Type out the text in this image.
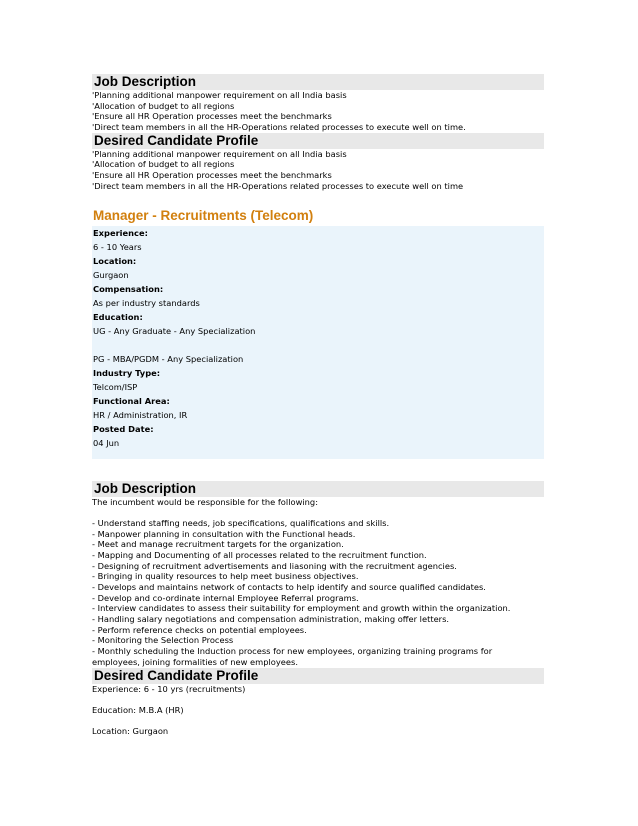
Job Description
'Planning additional manpower requirement on all India basis
'Allocation of budget to all regions
'Ensure all HR Operation processes meet the benchmarks
'Direct team members in all the HR-Operations related processes to execute well on time.
Desired Candidate Profile
'Planning additional manpower requirement on all India basis
'Allocation of budget to all regions
'Ensure all HR Operation processes meet the benchmarks
'Direct team members in all the HR-Operations related processes to execute well on time
Manager - Recruitments (Telecom)
Experience:
6 - 10 Years
Location:
Gurgaon
Compensation:
As per industry standards
Education:
UG - Any Graduate - Any Specialization
PG - MBA/PGDM - Any Specialization
Industry Type:
Telcom/ISP
Functional Area:
HR / Administration, IR
Posted Date:
04 Jun
Job Description
The incumbent would be responsible for the following:
- Understand staffing needs, job specifications, qualifications and skills.
- Manpower planning in consultation with the Functional heads.
- Meet and manage recruitment targets for the organization.
- Mapping and Documenting of all processes related to the recruitment function.
- Designing of recruitment advertisements and liasoning with the recruitment agencies.
- Bringing in quality resources to help meet business objectives.
- Develops and maintains network of contacts to help identify and source qualified candidates.
- Develop and co-ordinate internal Employee Referral programs.
- Interview candidates to assess their suitability for employment and growth within the organization.
- Handling salary negotiations and compensation administration, making offer letters.
- Perform reference checks on potential employees.
- Monitoring the Selection Process
- Monthly scheduling the Induction process for new employees, organizing training programs for
employees, joining formalities of new employees.
Desired Candidate Profile
Experience: 6 - 10 yrs (recruitments)
Education: M.B.A (HR)
Location: Gurgaon
